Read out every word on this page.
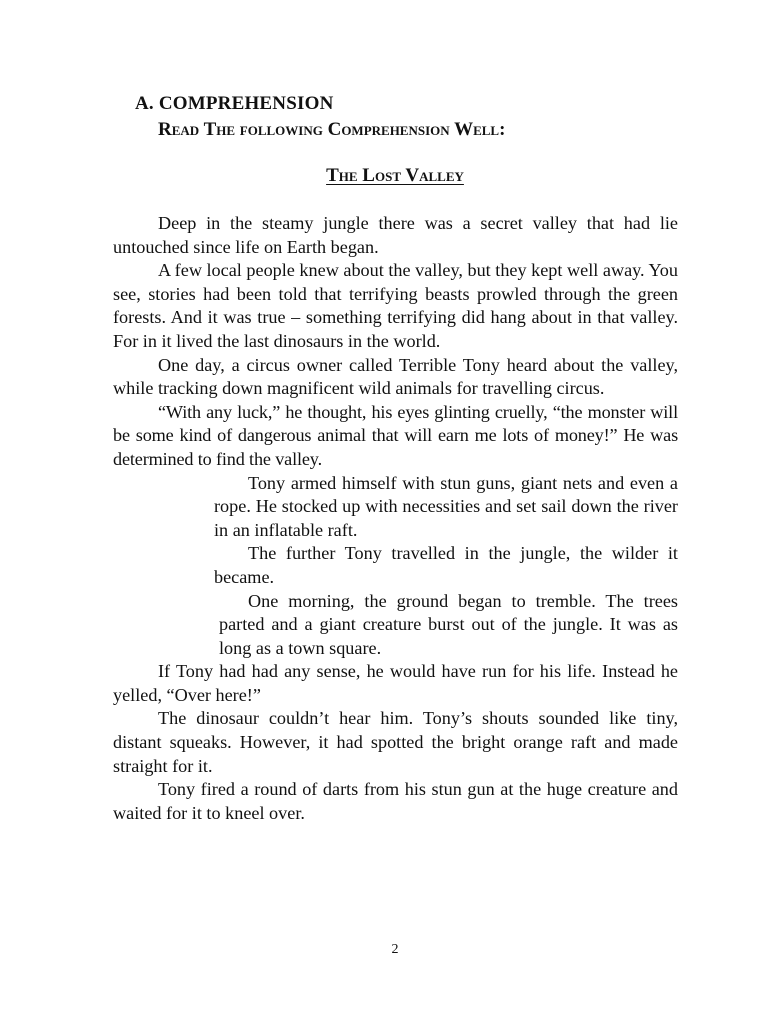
A. COMPREHENSION
Read The following Comprehension Well:
The Lost Valley

Deep in the steamy jungle there was a secret valley that had lie untouched since life on Earth began.

A few local people knew about the valley, but they kept well away. You see, stories had been told that terrifying beasts prowled through the green forests. And it was true – something terrifying did hang about in that valley. For in it lived the last dinosaurs in the world.

One day, a circus owner called Terrible Tony heard about the valley, while tracking down magnificent wild animals for travelling circus.

“With any luck,” he thought, his eyes glinting cruelly, “the monster will be some kind of dangerous animal that will earn me lots of money!” He was determined to find the valley.

Tony armed himself with stun guns, giant nets and even a rope. He stocked up with necessities and set sail down the river in an inflatable raft.

The further Tony travelled in the jungle, the wilder it became.

One morning, the ground began to tremble. The trees parted and a giant creature burst out of the jungle. It was as long as a town square.

If Tony had had any sense, he would have run for his life. Instead he yelled, “Over here!”

The dinosaur couldn’t hear him. Tony’s shouts sounded like tiny, distant squeaks. However, it had spotted the bright orange raft and made straight for it.

Tony fired a round of darts from his stun gun at the huge creature and waited for it to kneel over.

2
